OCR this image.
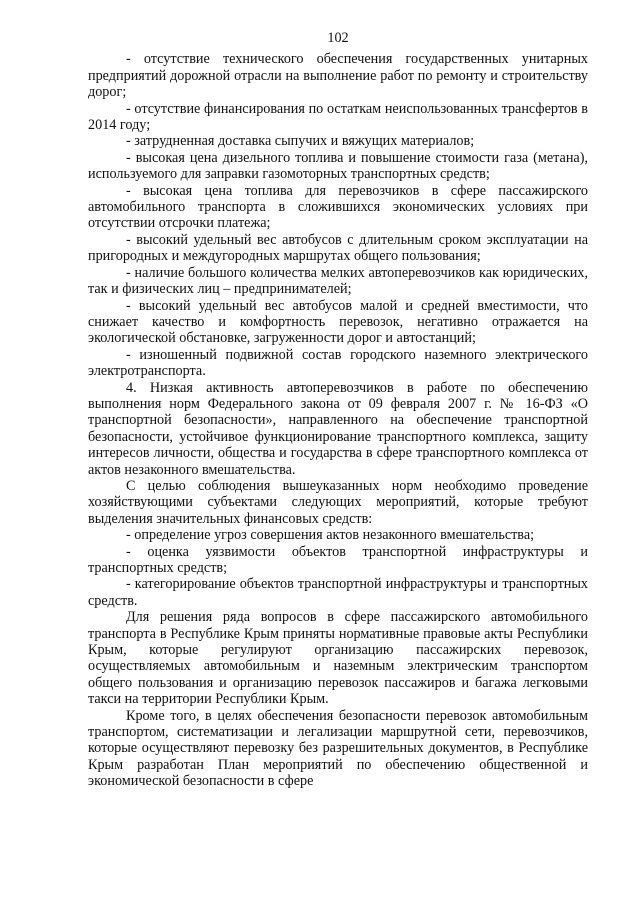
102

- отсутствие технического обеспечения государственных унитарных предприятий дорожной отрасли на выполнение работ по ремонту и строительству дорог;

- отсутствие финансирования по остаткам неиспользованных трансфертов в 2014 году;

- затрудненная доставка сыпучих и вяжущих материалов;

- высокая цена дизельного топлива и повышение стоимости газа (метана), используемого для заправки газомоторных транспортных средств;

- высокая цена топлива для перевозчиков в сфере пассажирского автомобильного транспорта в сложившихся экономических условиях при отсутствии отсрочки платежа;

- высокий удельный вес автобусов с длительным сроком эксплуатации на пригородных и междугородных маршрутах общего пользования;

- наличие большого количества мелких автоперевозчиков как юридических, так и физических лиц – предпринимателей;

- высокий удельный вес автобусов малой и средней вместимости, что снижает качество и комфортность перевозок, негативно отражается на экологической обстановке, загруженности дорог и автостанций;

- изношенный подвижной состав городского наземного электрического электротранспорта.

4. Низкая активность автоперевозчиков в работе по обеспечению выполнения норм Федерального закона от 09 февраля 2007 г. № 16-ФЗ «О транспортной безопасности», направленного на обеспечение транспортной безопасности, устойчивое функционирование транспортного комплекса, защиту интересов личности, общества и государства в сфере транспортного комплекса от актов незаконного вмешательства.

С целью соблюдения вышеуказанных норм необходимо проведение хозяйствующими субъектами следующих мероприятий, которые требуют выделения значительных финансовых средств:

- определение угроз совершения актов незаконного вмешательства;

- оценка уязвимости объектов транспортной инфраструктуры и транспортных средств;

- категорирование объектов транспортной инфраструктуры и транспортных средств.

Для решения ряда вопросов в сфере пассажирского автомобильного транспорта в Республике Крым приняты нормативные правовые акты Республики Крым, которые регулируют организацию пассажирских перевозок, осуществляемых автомобильным и наземным электрическим транспортом общего пользования и организацию перевозок пассажиров и багажа легковыми такси на территории Республики Крым.

Кроме того, в целях обеспечения безопасности перевозок автомобильным транспортом, систематизации и легализации маршрутной сети, перевозчиков, которые осуществляют перевозку без разрешительных документов, в Республике Крым разработан План мероприятий по обеспечению общественной и экономической безопасности в сфере
